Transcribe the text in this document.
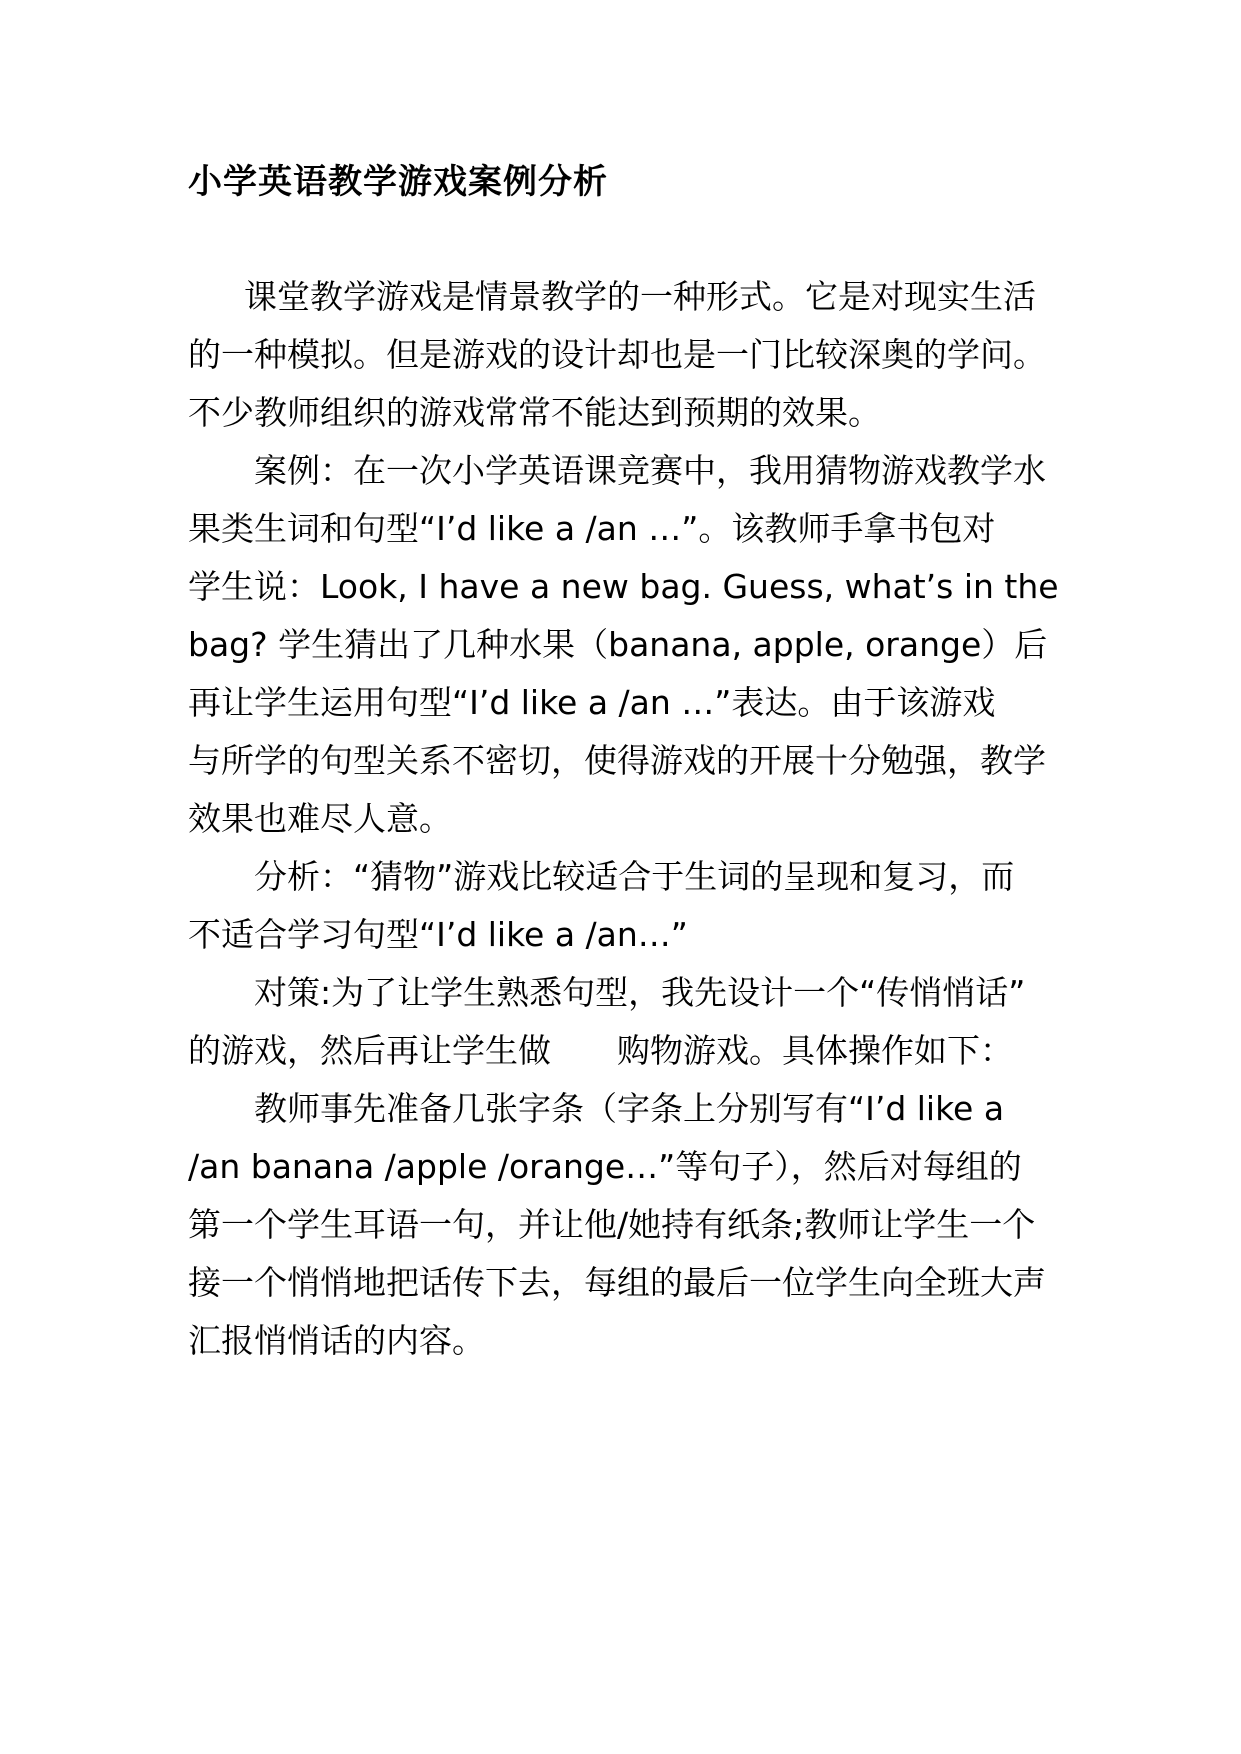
小学英语教学游戏案例分析
课堂教学游戏是情景教学的一种形式。它是对现实生活
的一种模拟。但是游戏的设计却也是一门比较深奥的学问。
不少教师组织的游戏常常不能达到预期的效果。
案例：在一次小学英语课竞赛中，我用猜物游戏教学水
果类生词和句型“I’d like a /an …”。该教师手拿书包对
学生说：Look, I have a new bag. Guess, what’s in the
bag? 学生猜出了几种水果（banana, apple, orange）后
再让学生运用句型“I’d like a /an …”表达。由于该游戏
与所学的句型关系不密切，使得游戏的开展十分勉强，教学
效果也难尽人意。
分析：“猜物”游戏比较适合于生词的呈现和复习，而
不适合学习句型“I’d like a /an…”
对策:为了让学生熟悉句型，我先设计一个“传悄悄话”
的游戏，然后再让学生做　　购物游戏。具体操作如下：
教师事先准备几张字条（字条上分别写有“I’d like a
/an banana /apple /orange…”等句子），然后对每组的
第一个学生耳语一句，并让他/她持有纸条;教师让学生一个
接一个悄悄地把话传下去，每组的最后一位学生向全班大声
汇报悄悄话的内容。
